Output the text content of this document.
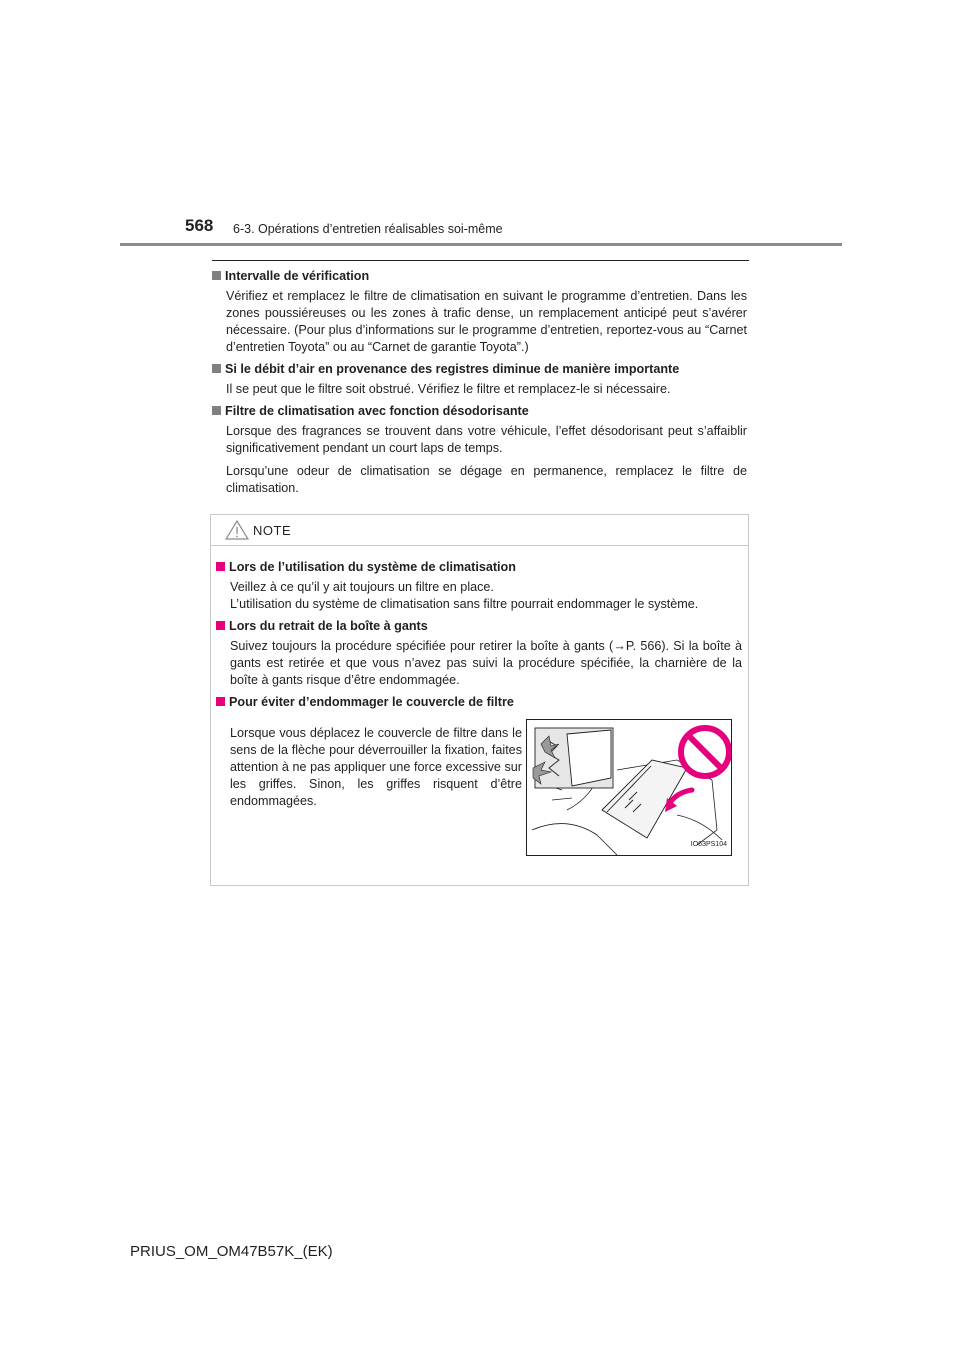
568 6-3. Opérations d’entretien réalisables soi-même
Intervalle de vérification
Vérifiez et remplacez le filtre de climatisation en suivant le programme d’entretien. Dans les zones poussiéreuses ou les zones à trafic dense, un remplacement anticipé peut s’avérer nécessaire. (Pour plus d’informations sur le programme d’entretien, reportez-vous au “Carnet d’entretien Toyota” ou au “Carnet de garantie Toyota”.)
Si le débit d’air en provenance des registres diminue de manière importante
Il se peut que le filtre soit obstrué. Vérifiez le filtre et remplacez-le si nécessaire.
Filtre de climatisation avec fonction désodorisante
Lorsque des fragrances se trouvent dans votre véhicule, l’effet désodorisant peut s’affaiblir significativement pendant un court laps de temps.
Lorsqu’une odeur de climatisation se dégage en permanence, remplacez le filtre de climatisation.
NOTE
Lors de l’utilisation du système de climatisation
Veillez à ce qu’il y ait toujours un filtre en place.
L’utilisation du système de climatisation sans filtre pourrait endommager le système.
Lors du retrait de la boîte à gants
Suivez toujours la procédure spécifiée pour retirer la boîte à gants (→P. 566). Si la boîte à gants est retirée et que vous n’avez pas suivi la procédure spécifiée, la charnière de la boîte à gants risque d’être endommagée.
Pour éviter d’endommager le couvercle de filtre
Lorsque vous déplacez le couvercle de filtre dans le sens de la flèche pour déverrouiller la fixation, faites attention à ne pas appliquer une force excessive sur les griffes. Sinon, les griffes risquent d’être endommagées.
IO63PS104
PRIUS_OM_OM47B57K_(EK)
